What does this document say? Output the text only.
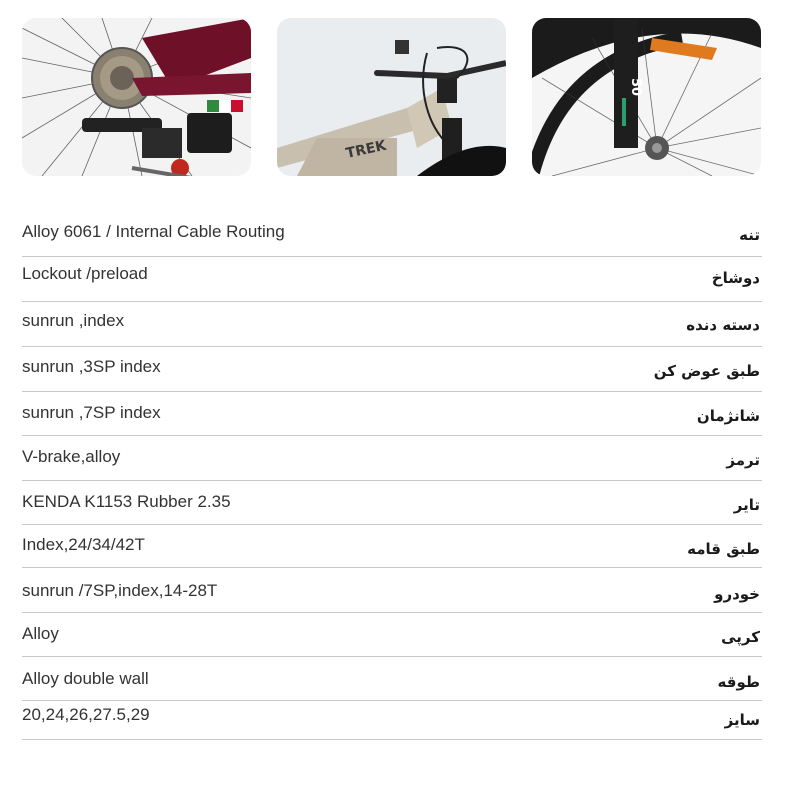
TREK
50
Alloy 6061 / Internal Cable Routing	تنه
Lockout /preload	دوشاخ
sunrun ,index	دسته دنده
sunrun ,3SP index	طبق عوض کن
sunrun ,7SP index	شانژمان
V-brake,alloy	ترمز
KENDA K1153 Rubber 2.35	تایر
Index,24/34/42T	طبق قامه
sunrun /7SP,index,14-28T	خودرو
Alloy	کرپی
Alloy double wall	طوقه
20,24,26,27.5,29	سایز
